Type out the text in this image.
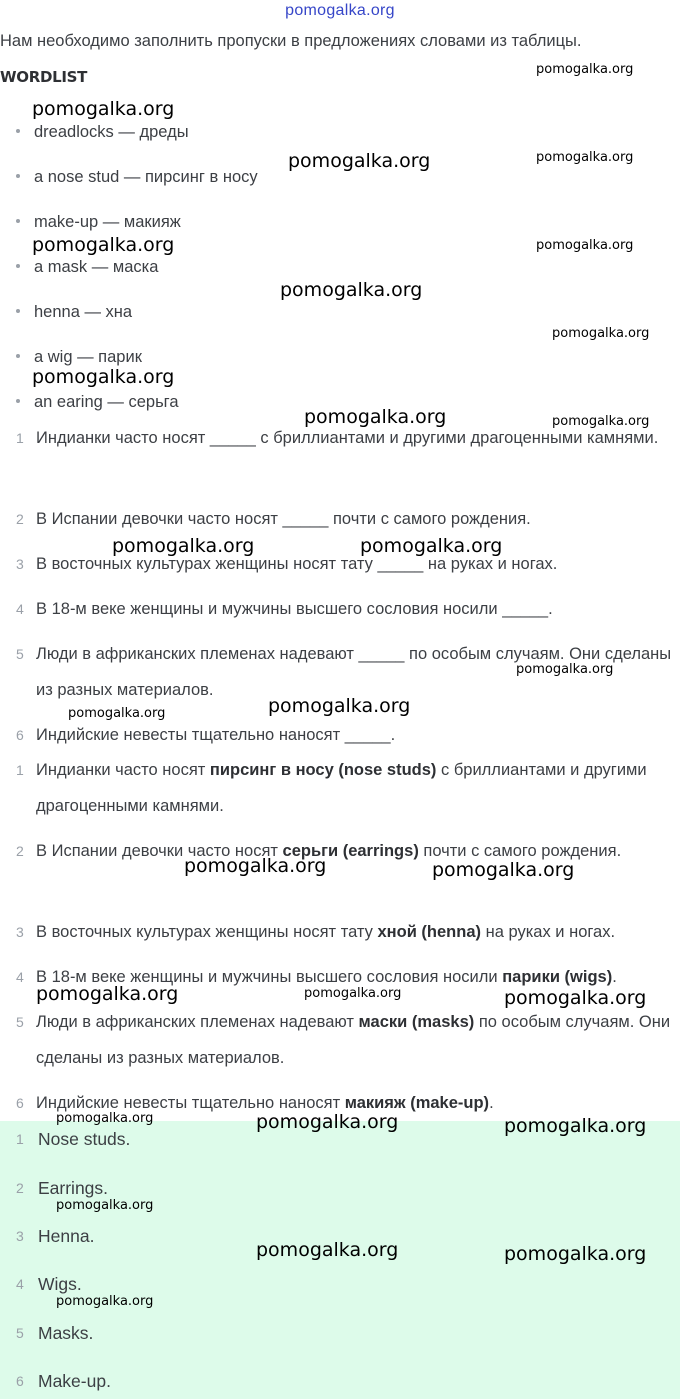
pomogalka.org
Нам необходимо заполнить пропуски в предложениях словами из таблицы.
WORDLIST
dreadlocks — дреды
a nose stud — пирсинг в носу
make-up — макияж
a mask — маска
henna — хна
a wig — парик
an earing — серьга
1 Индианки часто носят _____ с бриллиантами и другими драгоценными камнями.
2 В Испании девочки часто носят _____ почти с самого рождения.
3 В восточных культурах женщины носят тату _____ на руках и ногах.
4 В 18-м веке женщины и мужчины высшего сословия носили _____.
5 Люди в африканских племенах надевают _____ по особым случаям. Они сделаны из разных материалов.
6 Индийские невесты тщательно наносят _____.
1 Индианки часто носят пирсинг в носу (nose studs) с бриллиантами и другими драгоценными камнями.
2 В Испании девочки часто носят серьги (earrings) почти с самого рождения.
3 В восточных культурах женщины носят тату хной (henna) на руках и ногах.
4 В 18-м веке женщины и мужчины высшего сословия носили парики (wigs).
5 Люди в африканских племенах надевают маски (masks) по особым случаям. Они сделаны из разных материалов.
6 Индийские невесты тщательно наносят макияж (make-up).
1 Nose studs.
2 Earrings.
3 Henna.
4 Wigs.
5 Masks.
6 Make-up.
pomogalka.org
pomogalka.org
pomogalka.org
pomogalka.org
pomogalka.org	pomogalka.org
pomogalka.org
pomogalka.org
pomogalka.org
pomogalka.org	pomogalka.org
pomogalka.org	pomogalka.org
pomogalka.org
pomogalka.org
pomogalka.org
pomogalka.org	pomogalka.org
pomogalka.org	pomogalka.org	pomogalka.org
pomogalka.org	pomogalka.org	pomogalka.org
pomogalka.org
pomogalka.org	pomogalka.org
pomogalka.org
